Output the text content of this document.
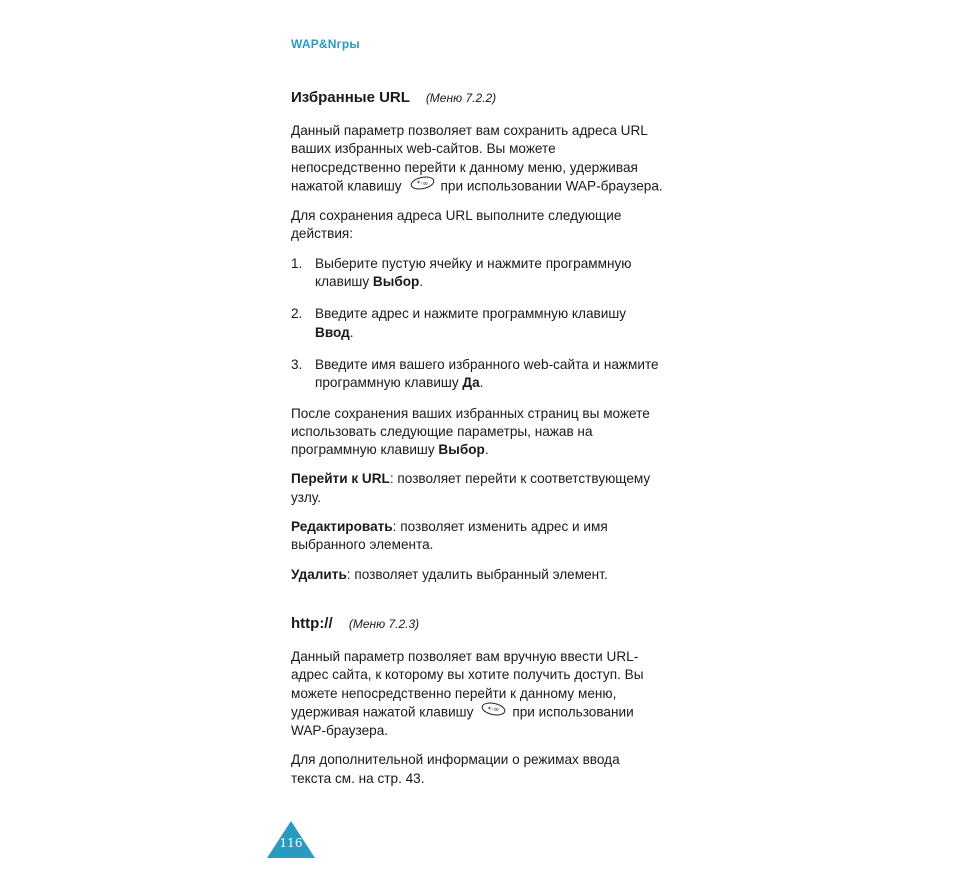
WAP&Nгры
Избранные URL (Меню 7.2.2)

Данный параметр позволяет вам сохранить адреса URL ваших избранных web-сайтов. Вы можете непосредственно перейти к данному меню, удерживая нажатой клавишу *·∞ при использовании WAP-браузера.

Для сохранения адреса URL выполните следующие действия:

1. Выберите пустую ячейку и нажмите программную клавишу Выбор.
2. Введите адрес и нажмите программную клавишу Ввод.
3. Введите имя вашего избранного web-сайта и нажмите программную клавишу Да.

После сохранения ваших избранных страниц вы можете использовать следующие параметры, нажав на программную клавишу Выбор.

Перейти к URL: позволяет перейти к соответствующему узлу.

Редактировать: позволяет изменить адрес и имя выбранного элемента.

Удалить: позволяет удалить выбранный элемент.

http:// (Меню 7.2.3)

Данный параметр позволяет вам вручную ввести URL-адрес сайта, к которому вы хотите получить доступ. Вы можете непосредственно перейти к данному меню, удерживая нажатой клавишу *·∞ при использовании WAP-браузера.

Для дополнительной информации о режимах ввода текста см. на стр. 43.

116
